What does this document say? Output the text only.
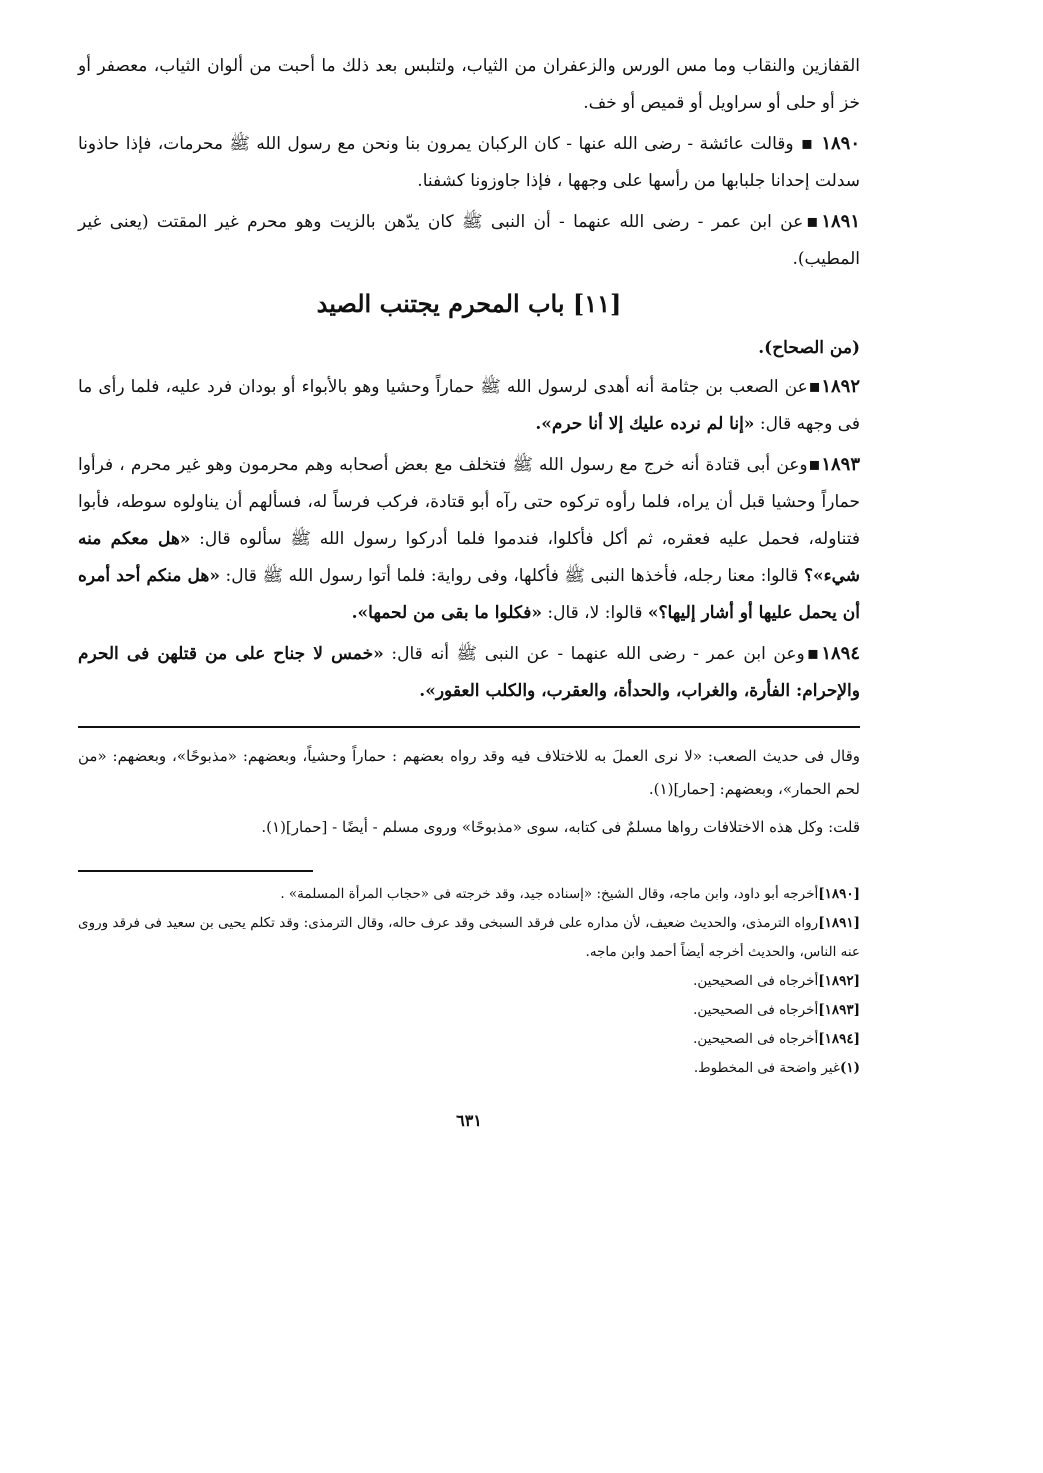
القفازين والنقاب وما مس الورس والزعفران من الثياب، ولتلبس بعد ذلك ما أحبت من ألوان الثياب، معصفر أو خز أو حلى أو سراويل أو قميص أو خف.

١٨٩٠ ▪ وقالت عائشة - رضى الله عنها - كان الركبان يمرون بنا ونحن مع رسول الله ﷺ محرمات، فإذا حاذونا سدلت إحدانا جلبابها من رأسها على وجهها ، فإذا جاوزونا كشفنا.

١٨٩١▪عن ابن عمر - رضى الله عنهما - أن النبى ﷺ كان يدّهن بالزيت وهو محرم غير المقتت (يعنى غير المطيب).

[١١] باب المحرم يجتنب الصيد
(من الصحاح).

١٨٩٢▪عن الصعب بن جثامة أنه أهدى لرسول الله ﷺ حماراً وحشيا وهو بالأبواء أو بودان فرد عليه، فلما رأى ما فى وجهه قال: «إنا لم نرده عليك إلا أنا حرم».

١٨٩٣▪وعن أبى قتادة أنه خرج مع رسول الله ﷺ فتخلف مع بعض أصحابه وهم محرمون وهو غير محرم ، فرأوا حماراً وحشيا قبل أن يراه، فلما رأوه تركوه حتى رآه أبو قتادة، فركب فرساً له، فسألهم أن يناولوه سوطه، فأبوا فتناوله، فحمل عليه فعقره، ثم أكل فأكلوا، فندموا فلما أدركوا رسول الله ﷺ سألوه قال: «هل معكم منه شيء»؟ قالوا: معنا رجله، فأخذها النبى ﷺ فأكلها، وفى رواية: فلما أتوا رسول الله ﷺ قال: «هل منكم أحد أمره أن يحمل عليها أو أشار إليها؟» قالوا: لا، قال: «فكلوا ما بقى من لحمها».

١٨٩٤▪وعن ابن عمر - رضى الله عنهما - عن النبى ﷺ أنه قال: «خمس لا جناح على من قتلهن فى الحرم والإحرام: الفأرة، والغراب، والحدأة، والعقرب، والكلب العقور».

وقال فى حديث الصعب: «لا نرى العملَ به للاختلاف فيه وقد رواه بعضهم : حماراً وحشياً، وبعضهم: «مذبوحًا»، وبعضهم: «من لحم الحمار»، وبعضهم: [حمار](١).

قلت: وكل هذه الاختلافات رواها مسلمٌ فى كتابه، سوى «مذبوحًا» وروى مسلم - أيضًا - [حمار](١).

[١٨٩٠]أخرجه أبو داود، وابن ماجه، وقال الشيخ: «إسناده جيد، وقد خرجته فى «حجاب المرأة المسلمة» .

[١٨٩١]رواه الترمذى، والحديث ضعيف، لأن مداره على فرقد السبخى وقد عرف حاله، وقال الترمذى: وقد تكلم يحيى بن سعيد فى فرقد وروى عنه الناس، والحديث أخرجه أيضاً أحمد وابن ماجه.

[١٨٩٢]أخرجاه فى الصحيحين.

[١٨٩٣]أخرجاه فى الصحيحين.

[١٨٩٤]أخرجاه فى الصحيحين.

(١)غير واضحة فى المخطوط.

٦٣١
